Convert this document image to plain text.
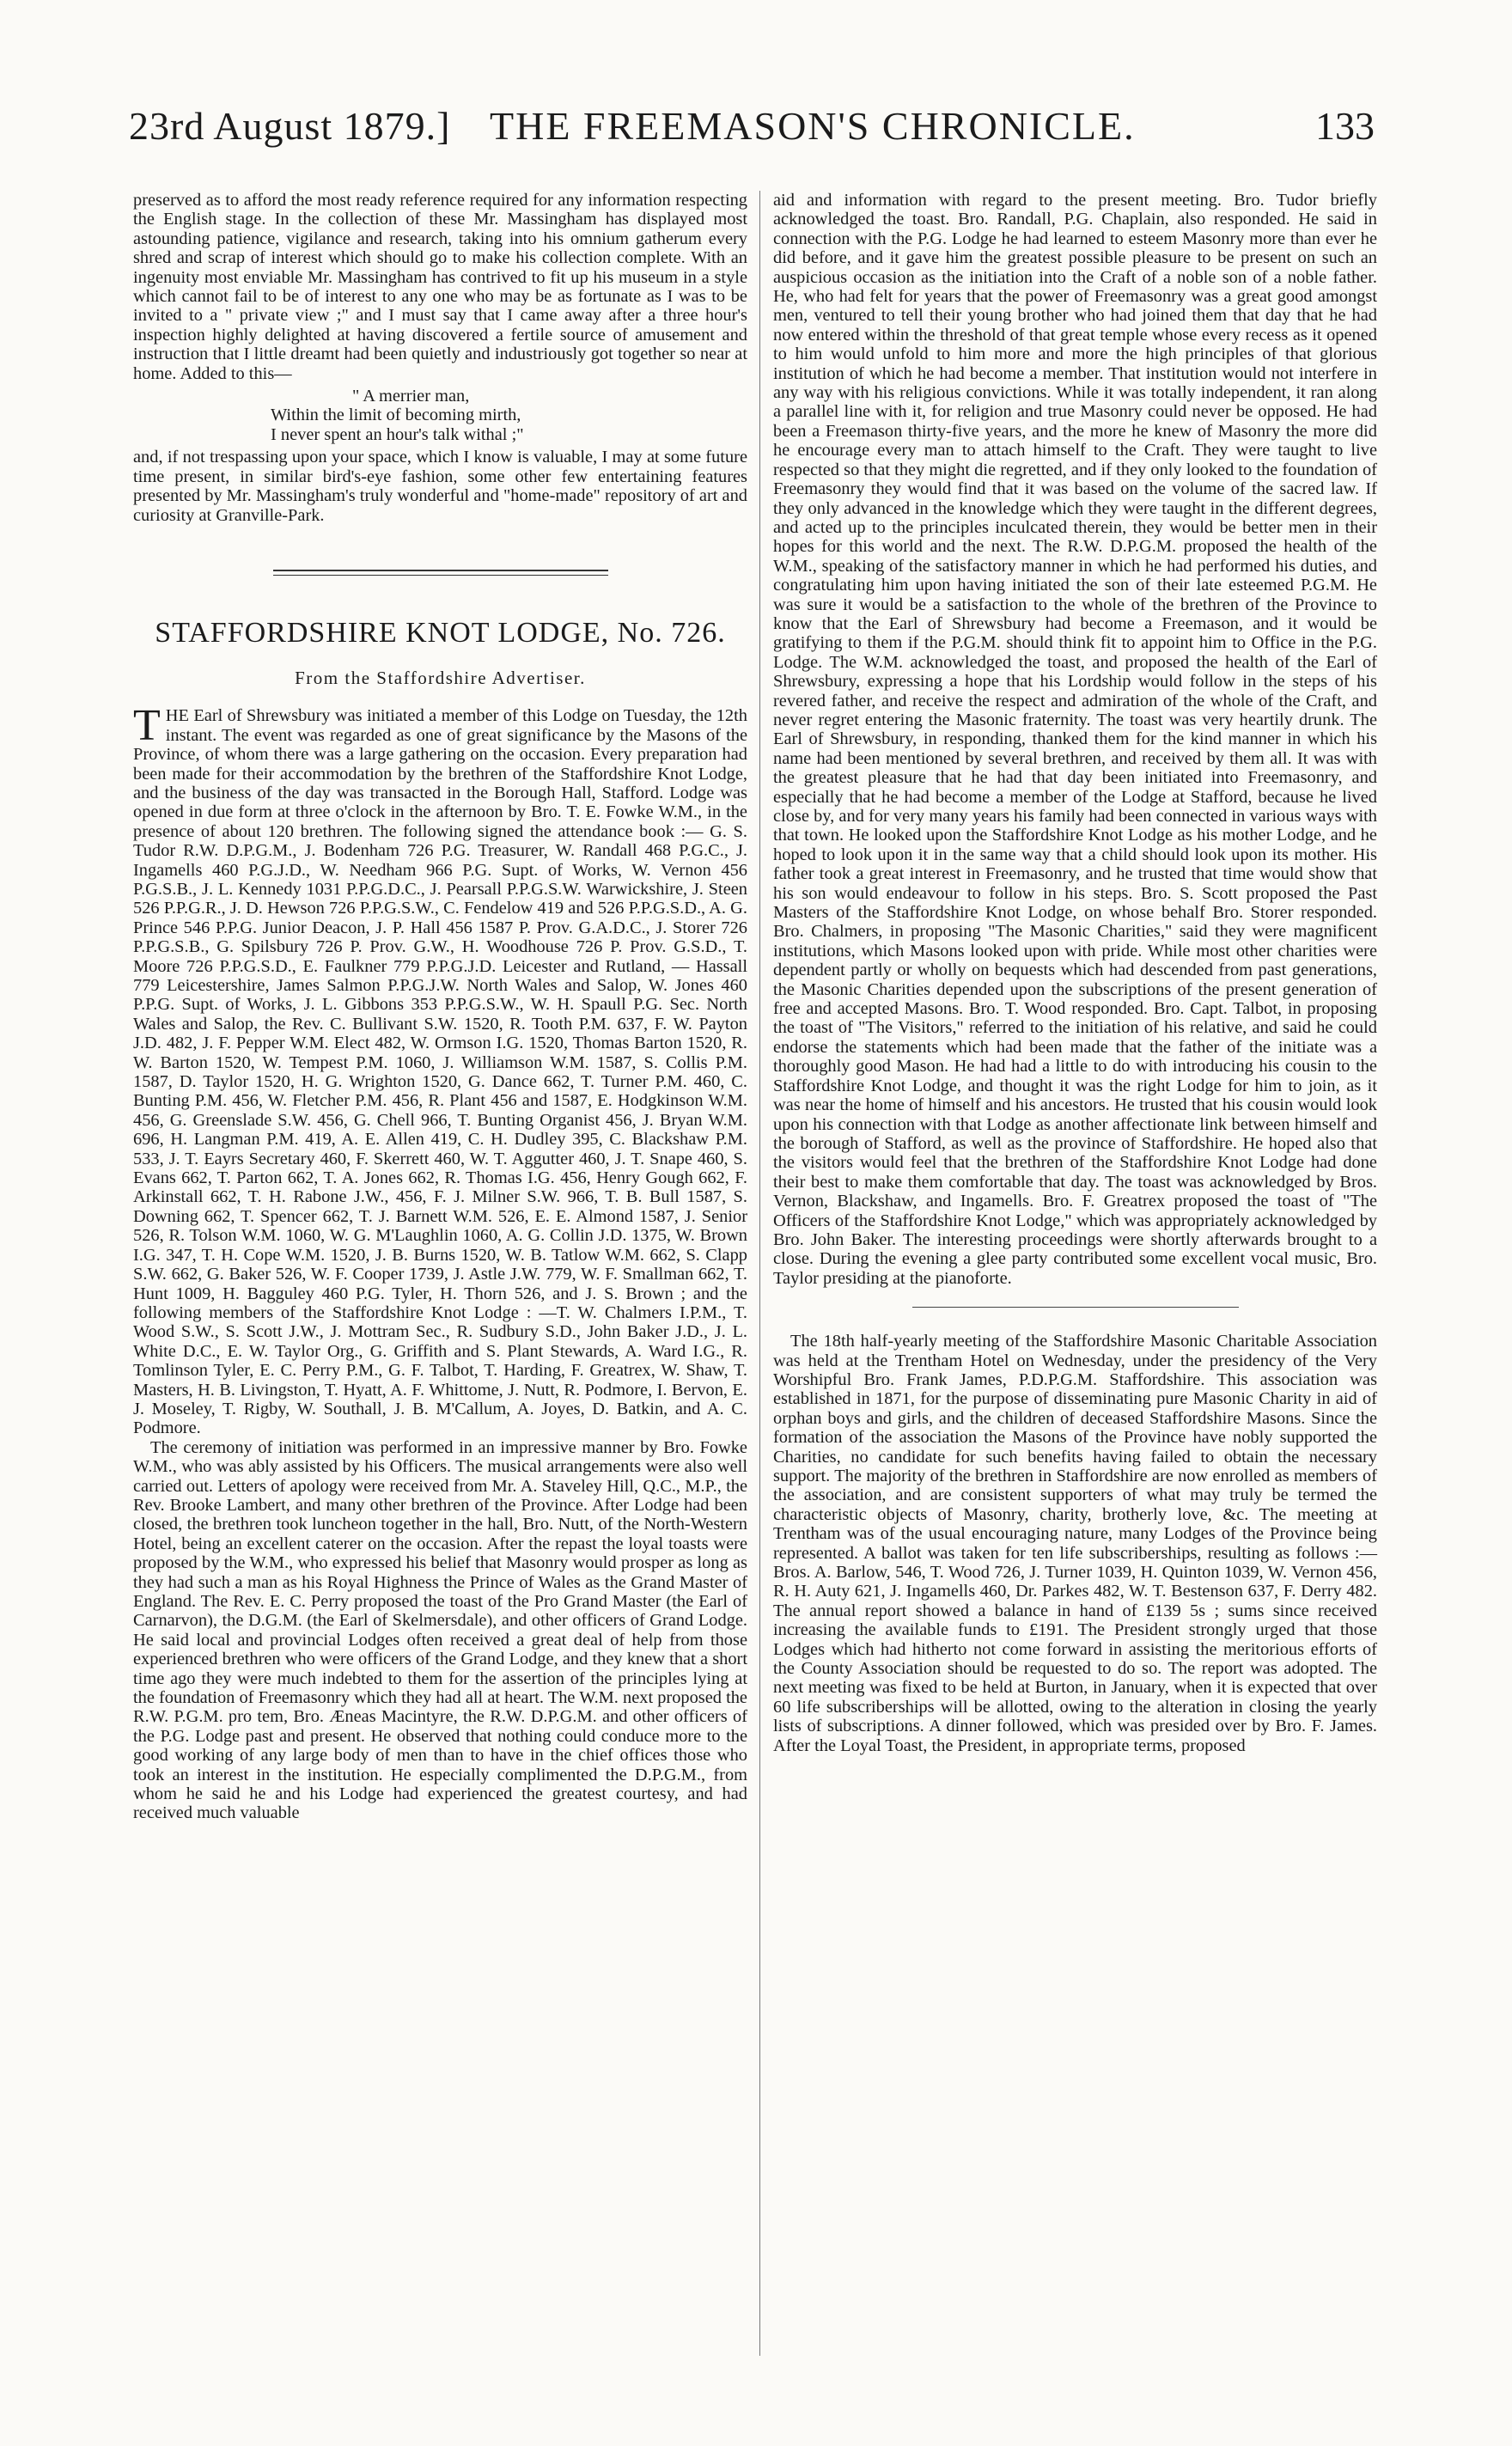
23rd August 1879.] THE FREEMASON'S CHRONICLE.	133

preserved as to afford the most ready reference required for any information respecting the English stage. In the collection of these Mr. Massingham has displayed most astounding patience, vigilance and research, taking into his omnium gatherum every shred and scrap of interest which should go to make his collection complete. With an ingenuity most enviable Mr. Massingham has contrived to fit up his museum in a style which cannot fail to be of interest to any one who may be as fortunate as I was to be invited to a " private view ;" and I must say that I came away after a three hour's inspection highly delighted at having discovered a fertile source of amusement and instruction that I little dreamt had been quietly and industriously got together so near at home. Added to this—

" A merrier man,
Within the limit of becoming mirth,
I never spent an hour's talk withal ;"

and, if not trespassing upon your space, which I know is valuable, I may at some future time present, in similar bird's-eye fashion, some other few entertaining features presented by Mr. Massingham's truly wonderful and "home-made" repository of art and curiosity at Granville-Park.

STAFFORDSHIRE KNOT LODGE, No. 726.
From the Staffordshire Advertiser.

THE Earl of Shrewsbury was initiated a member of this Lodge on Tuesday, the 12th instant. The event was regarded as one of great significance by the Masons of the Province, of whom there was a large gathering on the occasion. Every preparation had been made for their accommodation by the brethren of the Staffordshire Knot Lodge, and the business of the day was transacted in the Borough Hall, Stafford. Lodge was opened in due form at three o'clock in the afternoon by Bro. T. E. Fowke W.M., in the presence of about 120 brethren. The following signed the attendance book :— G. S. Tudor R.W. D.P.G.M., J. Bodenham 726 P.G. Treasurer, W. Randall 468 P.G.C., J. Ingamells 460 P.G.J.D., W. Needham 966 P.G. Supt. of Works, W. Vernon 456 P.G.S.B., J. L. Kennedy 1031 P.P.G.D.C., J. Pearsall P.P.G.S.W. Warwickshire, J. Steen 526 P.P.G.R., J. D. Hewson 726 P.P.G.S.W., C. Fendelow 419 and 526 P.P.G.S.D., A. G. Prince 546 P.P.G. Junior Deacon, J. P. Hall 456 1587 P. Prov. G.A.D.C., J. Storer 726 P.P.G.S.B., G. Spilsbury 726 P. Prov. G.W., H. Woodhouse 726 P. Prov. G.S.D., T. Moore 726 P.P.G.S.D., E. Faulkner 779 P.P.G.J.D. Leicester and Rutland, — Hassall 779 Leicestershire, James Salmon P.P.G.J.W. North Wales and Salop, W. Jones 460 P.P.G. Supt. of Works, J. L. Gibbons 353 P.P.G.S.W., W. H. Spaull P.G. Sec. North Wales and Salop, the Rev. C. Bullivant S.W. 1520, R. Tooth P.M. 637, F. W. Payton J.D. 482, J. F. Pepper W.M. Elect 482, W. Ormson I.G. 1520, Thomas Barton 1520, R. W. Barton 1520, W. Tempest P.M. 1060, J. Williamson W.M. 1587, S. Collis P.M. 1587, D. Taylor 1520, H. G. Wrighton 1520, G. Dance 662, T. Turner P.M. 460, C. Bunting P.M. 456, W. Fletcher P.M. 456, R. Plant 456 and 1587, E. Hodgkinson W.M. 456, G. Greenslade S.W. 456, G. Chell 966, T. Bunting Organist 456, J. Bryan W.M. 696, H. Langman P.M. 419, A. E. Allen 419, C. H. Dudley 395, C. Blackshaw P.M. 533, J. T. Eayrs Secretary 460, F. Skerrett 460, W. T. Aggutter 460, J. T. Snape 460, S. Evans 662, T. Parton 662, T. A. Jones 662, R. Thomas I.G. 456, Henry Gough 662, F. Arkinstall 662, T. H. Rabone J.W., 456, F. J. Milner S.W. 966, T. B. Bull 1587, S. Downing 662, T. Spencer 662, T. J. Barnett W.M. 526, E. E. Almond 1587, J. Senior 526, R. Tolson W.M. 1060, W. G. M'Laughlin 1060, A. G. Collin J.D. 1375, W. Brown I.G. 347, T. H. Cope W.M. 1520, J. B. Burns 1520, W. B. Tatlow W.M. 662, S. Clapp S.W. 662, G. Baker 526, W. F. Cooper 1739, J. Astle J.W. 779, W. F. Smallman 662, T. Hunt 1009, H. Bagguley 460 P.G. Tyler, H. Thorn 526, and J. S. Brown ; and the following members of the Staffordshire Knot Lodge : —T. W. Chalmers I.P.M., T. Wood S.W., S. Scott J.W., J. Mottram Sec., R. Sudbury S.D., John Baker J.D., J. L. White D.C., E. W. Taylor Org., G. Griffith and S. Plant Stewards, A. Ward I.G., R. Tomlinson Tyler, E. C. Perry P.M., G. F. Talbot, T. Harding, F. Greatrex, W. Shaw, T. Masters, H. B. Livingston, T. Hyatt, A. F. Whittome, J. Nutt, R. Podmore, I. Bervon, E. J. Moseley, T. Rigby, W. Southall, J. B. M'Callum, A. Joyes, D. Batkin, and A. C. Podmore.

The ceremony of initiation was performed in an impressive manner by Bro. Fowke W.M., who was ably assisted by his Officers. The musical arrangements were also well carried out. Letters of apology were received from Mr. A. Staveley Hill, Q.C., M.P., the Rev. Brooke Lambert, and many other brethren of the Province. After Lodge had been closed, the brethren took luncheon together in the hall, Bro. Nutt, of the North-Western Hotel, being an excellent caterer on the occasion. After the repast the loyal toasts were proposed by the W.M., who expressed his belief that Masonry would prosper as long as they had such a man as his Royal Highness the Prince of Wales as the Grand Master of England. The Rev. E. C. Perry proposed the toast of the Pro Grand Master (the Earl of Carnarvon), the D.G.M. (the Earl of Skelmersdale), and other officers of Grand Lodge. He said local and provincial Lodges often received a great deal of help from those experienced brethren who were officers of the Grand Lodge, and they knew that a short time ago they were much indebted to them for the assertion of the principles lying at the foundation of Freemasonry which they had all at heart. The W.M. next proposed the R.W. P.G.M. pro tem, Bro. Æneas Macintyre, the R.W. D.P.G.M. and other officers of the P.G. Lodge past and present. He observed that nothing could conduce more to the good working of any large body of men than to have in the chief offices those who took an interest in the institution. He especially complimented the D.P.G.M., from whom he said he and his Lodge had experienced the greatest courtesy, and had received much valuable

aid and information with regard to the present meeting. Bro. Tudor briefly acknowledged the toast. Bro. Randall, P.G. Chaplain, also responded. He said in connection with the P.G. Lodge he had learned to esteem Masonry more than ever he did before, and it gave him the greatest possible pleasure to be present on such an auspicious occasion as the initiation into the Craft of a noble son of a noble father. He, who had felt for years that the power of Freemasonry was a great good amongst men, ventured to tell their young brother who had joined them that day that he had now entered within the threshold of that great temple whose every recess as it opened to him would unfold to him more and more the high principles of that glorious institution of which he had become a member. That institution would not interfere in any way with his religious convictions. While it was totally independent, it ran along a parallel line with it, for religion and true Masonry could never be opposed. He had been a Freemason thirty-five years, and the more he knew of Masonry the more did he encourage every man to attach himself to the Craft. They were taught to live respected so that they might die regretted, and if they only looked to the foundation of Freemasonry they would find that it was based on the volume of the sacred law. If they only advanced in the knowledge which they were taught in the different degrees, and acted up to the principles inculcated therein, they would be better men in their hopes for this world and the next. The R.W. D.P.G.M. proposed the health of the W.M., speaking of the satisfactory manner in which he had performed his duties, and congratulating him upon having initiated the son of their late esteemed P.G.M. He was sure it would be a satisfaction to the whole of the brethren of the Province to know that the Earl of Shrewsbury had become a Freemason, and it would be gratifying to them if the P.G.M. should think fit to appoint him to Office in the P.G. Lodge. The W.M. acknowledged the toast, and proposed the health of the Earl of Shrewsbury, expressing a hope that his Lordship would follow in the steps of his revered father, and receive the respect and admiration of the whole of the Craft, and never regret entering the Masonic fraternity. The toast was very heartily drunk. The Earl of Shrewsbury, in responding, thanked them for the kind manner in which his name had been mentioned by several brethren, and received by them all. It was with the greatest pleasure that he had that day been initiated into Freemasonry, and especially that he had become a member of the Lodge at Stafford, because he lived close by, and for very many years his family had been connected in various ways with that town. He looked upon the Staffordshire Knot Lodge as his mother Lodge, and he hoped to look upon it in the same way that a child should look upon its mother. His father took a great interest in Freemasonry, and he trusted that time would show that his son would endeavour to follow in his steps. Bro. S. Scott proposed the Past Masters of the Staffordshire Knot Lodge, on whose behalf Bro. Storer responded. Bro. Chalmers, in proposing "The Masonic Charities," said they were magnificent institutions, which Masons looked upon with pride. While most other charities were dependent partly or wholly on bequests which had descended from past generations, the Masonic Charities depended upon the subscriptions of the present generation of free and accepted Masons. Bro. T. Wood responded. Bro. Capt. Talbot, in proposing the toast of "The Visitors," referred to the initiation of his relative, and said he could endorse the statements which had been made that the father of the initiate was a thoroughly good Mason. He had had a little to do with introducing his cousin to the Staffordshire Knot Lodge, and thought it was the right Lodge for him to join, as it was near the home of himself and his ancestors. He trusted that his cousin would look upon his connection with that Lodge as another affectionate link between himself and the borough of Stafford, as well as the province of Staffordshire. He hoped also that the visitors would feel that the brethren of the Staffordshire Knot Lodge had done their best to make them comfortable that day. The toast was acknowledged by Bros. Vernon, Blackshaw, and Ingamells. Bro. F. Greatrex proposed the toast of "The Officers of the Staffordshire Knot Lodge," which was appropriately acknowledged by Bro. John Baker. The interesting proceedings were shortly afterwards brought to a close. During the evening a glee party contributed some excellent vocal music, Bro. Taylor presiding at the pianoforte.

The 18th half-yearly meeting of the Staffordshire Masonic Charitable Association was held at the Trentham Hotel on Wednesday, under the presidency of the Very Worshipful Bro. Frank James, P.D.P.G.M. Staffordshire. This association was established in 1871, for the purpose of disseminating pure Masonic Charity in aid of orphan boys and girls, and the children of deceased Staffordshire Masons. Since the formation of the association the Masons of the Province have nobly supported the Charities, no candidate for such benefits having failed to obtain the necessary support. The majority of the brethren in Staffordshire are now enrolled as members of the association, and are consistent supporters of what may truly be termed the characteristic objects of Masonry, charity, brotherly love, &c. The meeting at Trentham was of the usual encouraging nature, many Lodges of the Province being represented. A ballot was taken for ten life subscriberships, resulting as follows :—Bros. A. Barlow, 546, T. Wood 726, J. Turner 1039, H. Quinton 1039, W. Vernon 456, R. H. Auty 621, J. Ingamells 460, Dr. Parkes 482, W. T. Bestenson 637, F. Derry 482. The annual report showed a balance in hand of £139 5s ; sums since received increasing the available funds to £191. The President strongly urged that those Lodges which had hitherto not come forward in assisting the meritorious efforts of the County Association should be requested to do so. The report was adopted. The next meeting was fixed to be held at Burton, in January, when it is expected that over 60 life subscriberships will be allotted, owing to the alteration in closing the yearly lists of subscriptions. A dinner followed, which was presided over by Bro. F. James. After the Loyal Toast, the President, in appropriate terms, proposed
